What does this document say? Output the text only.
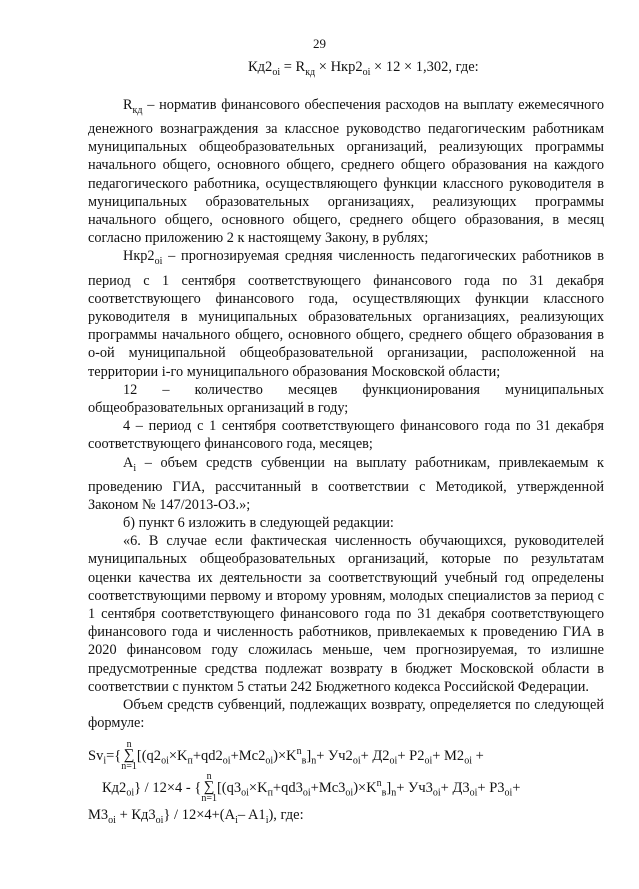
29
$Кд2_{оi} = R_{кд} \times Нкр2_{оi} \times 12 \times 1,302$, где:

$R_{кд}$ – норматив финансового обеспечения расходов на выплату ежемесячного денежного вознаграждения за классное руководство педагогическим работникам муниципальных общеобразовательных организаций, реализующих программы начального общего, основного общего, среднего общего образования на каждого педагогического работника, осуществляющего функции классного руководителя в муниципальных образовательных организациях, реализующих программы начального общего, основного общего, среднего общего образования, в месяц согласно приложению 2 к настоящему Закону, в рублях;

$Нкр2_{оi}$ – прогнозируемая средняя численность педагогических работников в период с 1 сентября соответствующего финансового года по 31 декабря соответствующего финансового года, осуществляющих функции классного руководителя в муниципальных образовательных организациях, реализующих программы начального общего, основного общего, среднего общего образования в о-ой муниципальной общеобразовательной организации, расположенной на территории i-го муниципального образования Московской области;

12 – количество месяцев функционирования муниципальных общеобразовательных организаций в году;

4 – период с 1 сентября соответствующего финансового года по 31 декабря соответствующего финансового года, месяцев;

$A_i$ – объем средств субвенции на выплату работникам, привлекаемым к проведению ГИА, рассчитанный в соответствии с Методикой, утвержденной Законом № 147/2013-ОЗ.»;

б) пункт 6 изложить в следующей редакции:

«6. В случае если фактическая численность обучающихся, руководителей муниципальных общеобразовательных организаций, которые по результатам оценки качества их деятельности за соответствующий учебный год определены соответствующими первому и второму уровням, молодых специалистов за период с 1 сентября соответствующего финансового года по 31 декабря соответствующего финансового года и численность работников, привлекаемых к проведению ГИА в 2020 финансовом году сложилась меньше, чем прогнозируемая, то излишне предусмотренные средства подлежат возврату в бюджет Московской области в соответствии с пунктом 5 статьи 242 Бюджетного кодекса Российской Федерации.

Объем средств субвенций, подлежащих возврату, определяется по следующей формуле:

$Sv_i=\{n$
∑
$n=1[(q2_{oi}\times K_п+qd2_{oi}+Mc2_{oi})\times K^n_в]_n+ Уч2_{oi}+ Д2_{oi}+ Р2_{oi}+ М2_{oi}$ +
$Кд2_{oi}\} / 12\times 4 - \{n$
∑
$n=1[(q3_{oi}\times K_п+qd3_{oi}+Mc3_{oi})\times K^n_в]_n+ Уч3_{oi}+ Д3_{oi}+ Р3_{oi}+$
$М3_{oi} + Кд3_{oi}\} / 12\times 4+(A_i-$ $A1_i$), где:
